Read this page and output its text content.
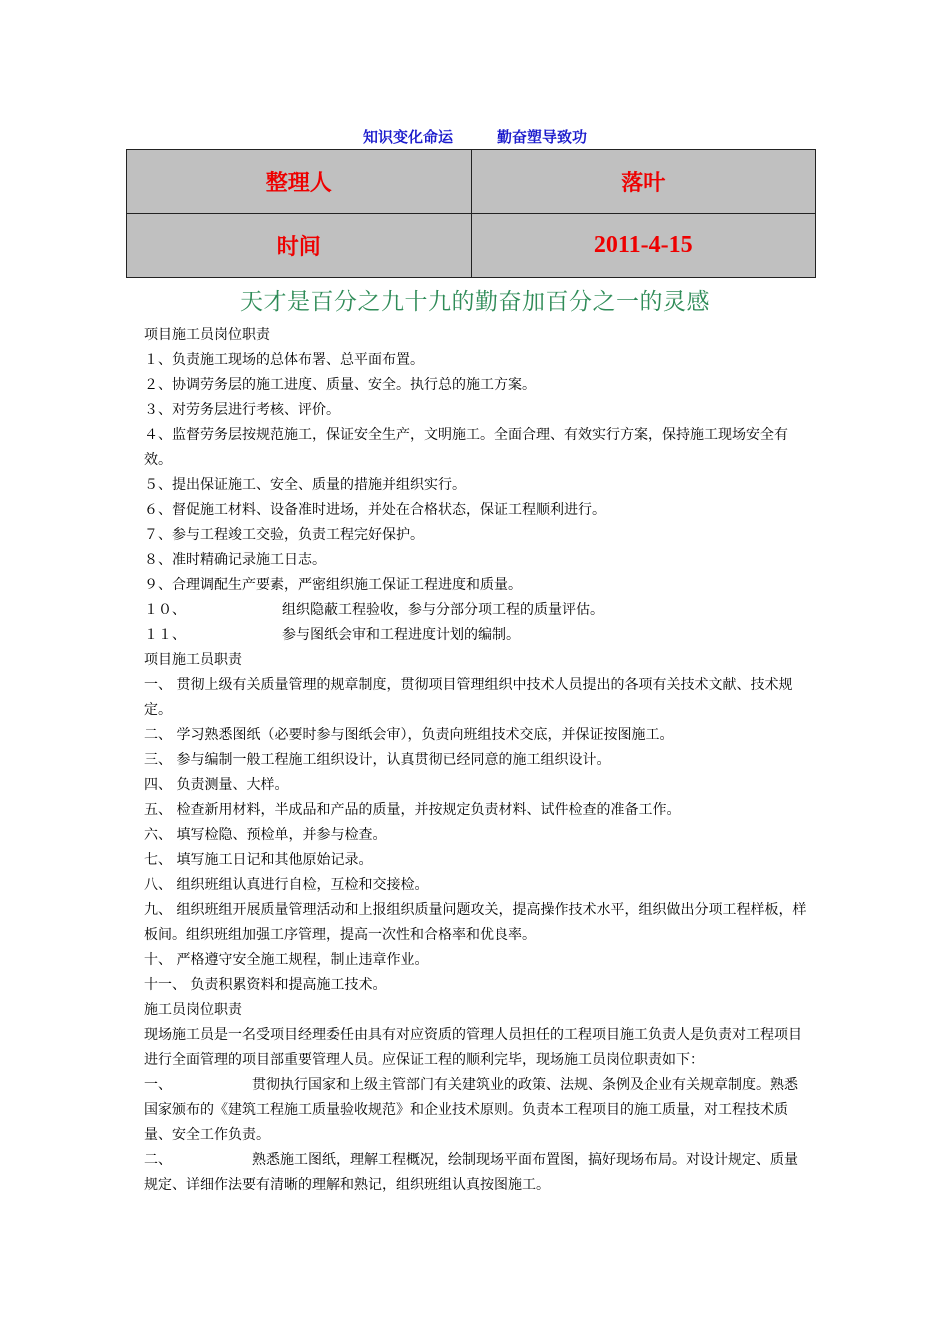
知识变化命运	勤奋塑导致功
整理人	落叶
时间	2011-4-15
天才是百分之九十九的勤奋加百分之一的灵感

项目施工员岗位职责

１、负责施工现场的总体布署、总平面布置。

２、协调劳务层的施工进度、质量、安全。执行总的施工方案。

３、对劳务层进行考核、评价。

４、监督劳务层按规范施工，保证安全生产，文明施工。全面合理、有效实行方案，保持施工现场安全有效。

５、提出保证施工、安全、质量的措施并组织实行。

６、督促施工材料、设备准时进场，并处在合格状态，保证工程顺利进行。

７、参与工程竣工交验，负责工程完好保护。

８、准时精确记录施工日志。

９、合理调配生产要素，严密组织施工保证工程进度和质量。

１０、	组织隐蔽工程验收，参与分部分项工程的质量评估。

１１、	参与图纸会审和工程进度计划的编制。

项目施工员职责

一、 贯彻上级有关质量管理的规章制度，贯彻项目管理组织中技术人员提出的各项有关技术文献、技术规定。

二、 学习熟悉图纸（必要时参与图纸会审），负责向班组技术交底，并保证按图施工。

三、 参与编制一般工程施工组织设计，认真贯彻已经同意的施工组织设计。

四、 负责测量、大样。

五、 检查新用材料，半成品和产品的质量，并按规定负责材料、试件检查的准备工作。

六、 填写检隐、预检单，并参与检查。

七、 填写施工日记和其他原始记录。

八、 组织班组认真进行自检，互检和交接检。

九、 组织班组开展质量管理活动和上报组织质量问题攻关，提高操作技术水平，组织做出分项工程样板，样板间。组织班组加强工序管理，提高一次性和合格率和优良率。

十、 严格遵守安全施工规程，制止违章作业。

十一、 负责积累资料和提高施工技术。

施工员岗位职责

现场施工员是一名受项目经理委任由具有对应资质的管理人员担任的工程项目施工负责人是负责对工程项目进行全面管理的项目部重要管理人员。应保证工程的顺利完毕，现场施工员岗位职责如下：

一、	贯彻执行国家和上级主管部门有关建筑业的政策、法规、条例及企业有关规章制度。熟悉国家颁布的《建筑工程施工质量验收规范》和企业技术原则。负责本工程项目的施工质量，对工程技术质量、安全工作负责。

二、	熟悉施工图纸，理解工程概况，绘制现场平面布置图，搞好现场布局。对设计规定、质量规定、详细作法要有清晰的理解和熟记，组织班组认真按图施工。
